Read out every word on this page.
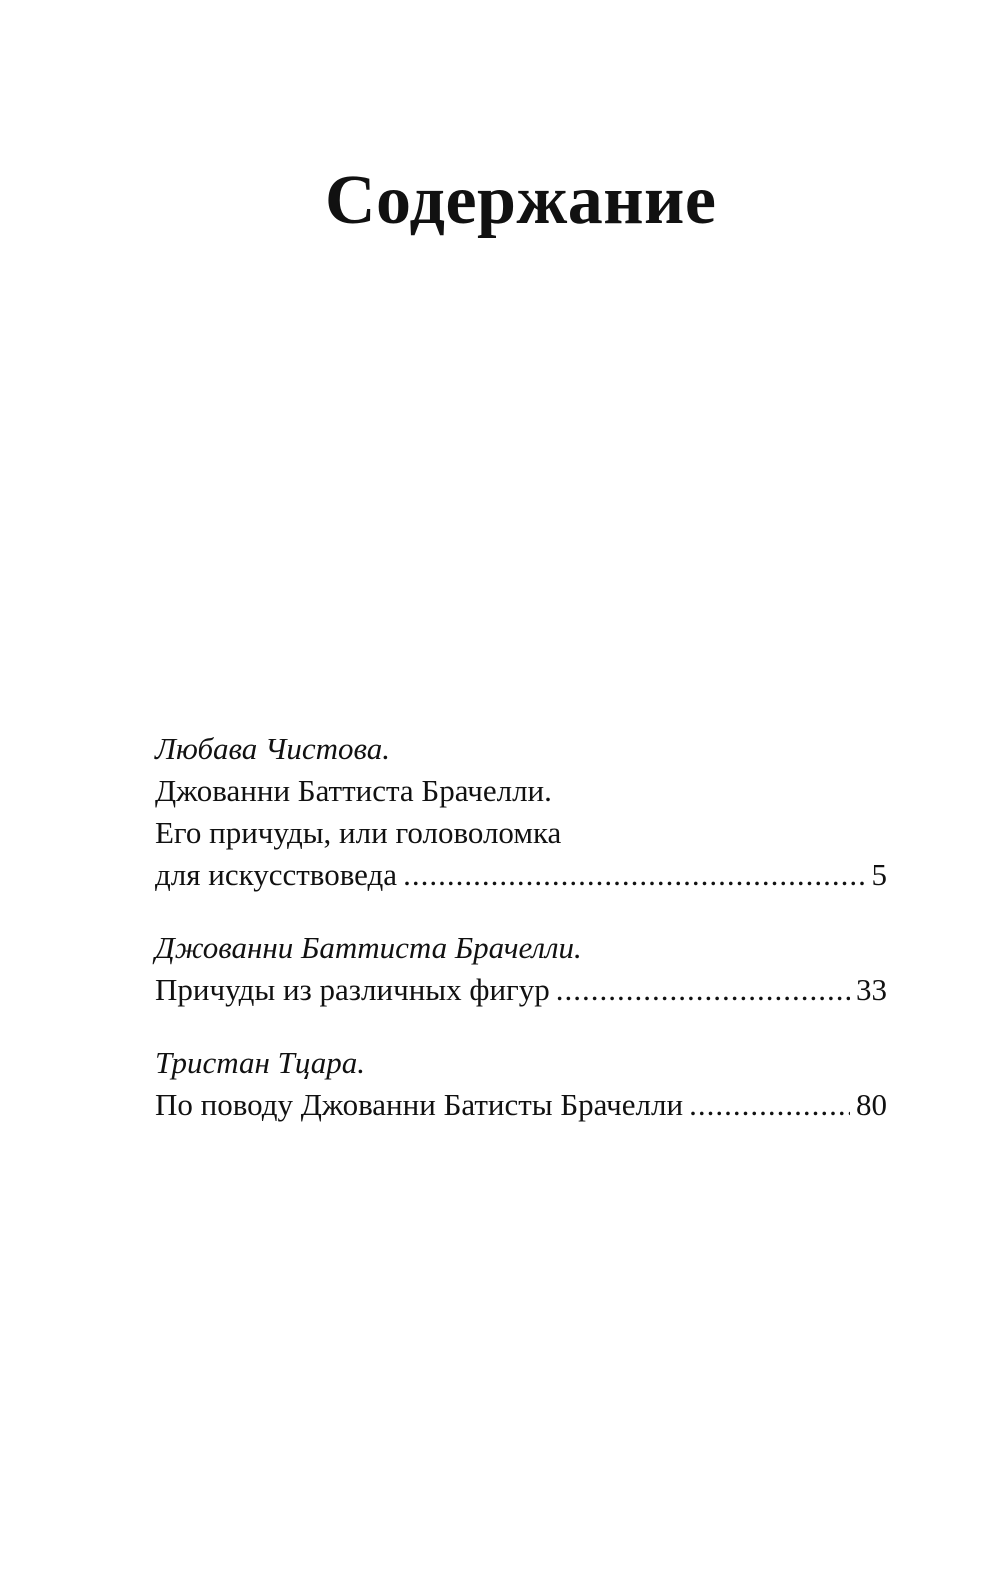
Содержание
Любава Чистова.
Джованни Баттиста Брачелли.
Его причуды, или головоломка
для искусствоведа .....	5
Джованни Баттиста Брачелли.
Причуды из различных фигур .....	33
Тристан Тцара.
По поводу Джованни Батисты Брачелли .....	80
